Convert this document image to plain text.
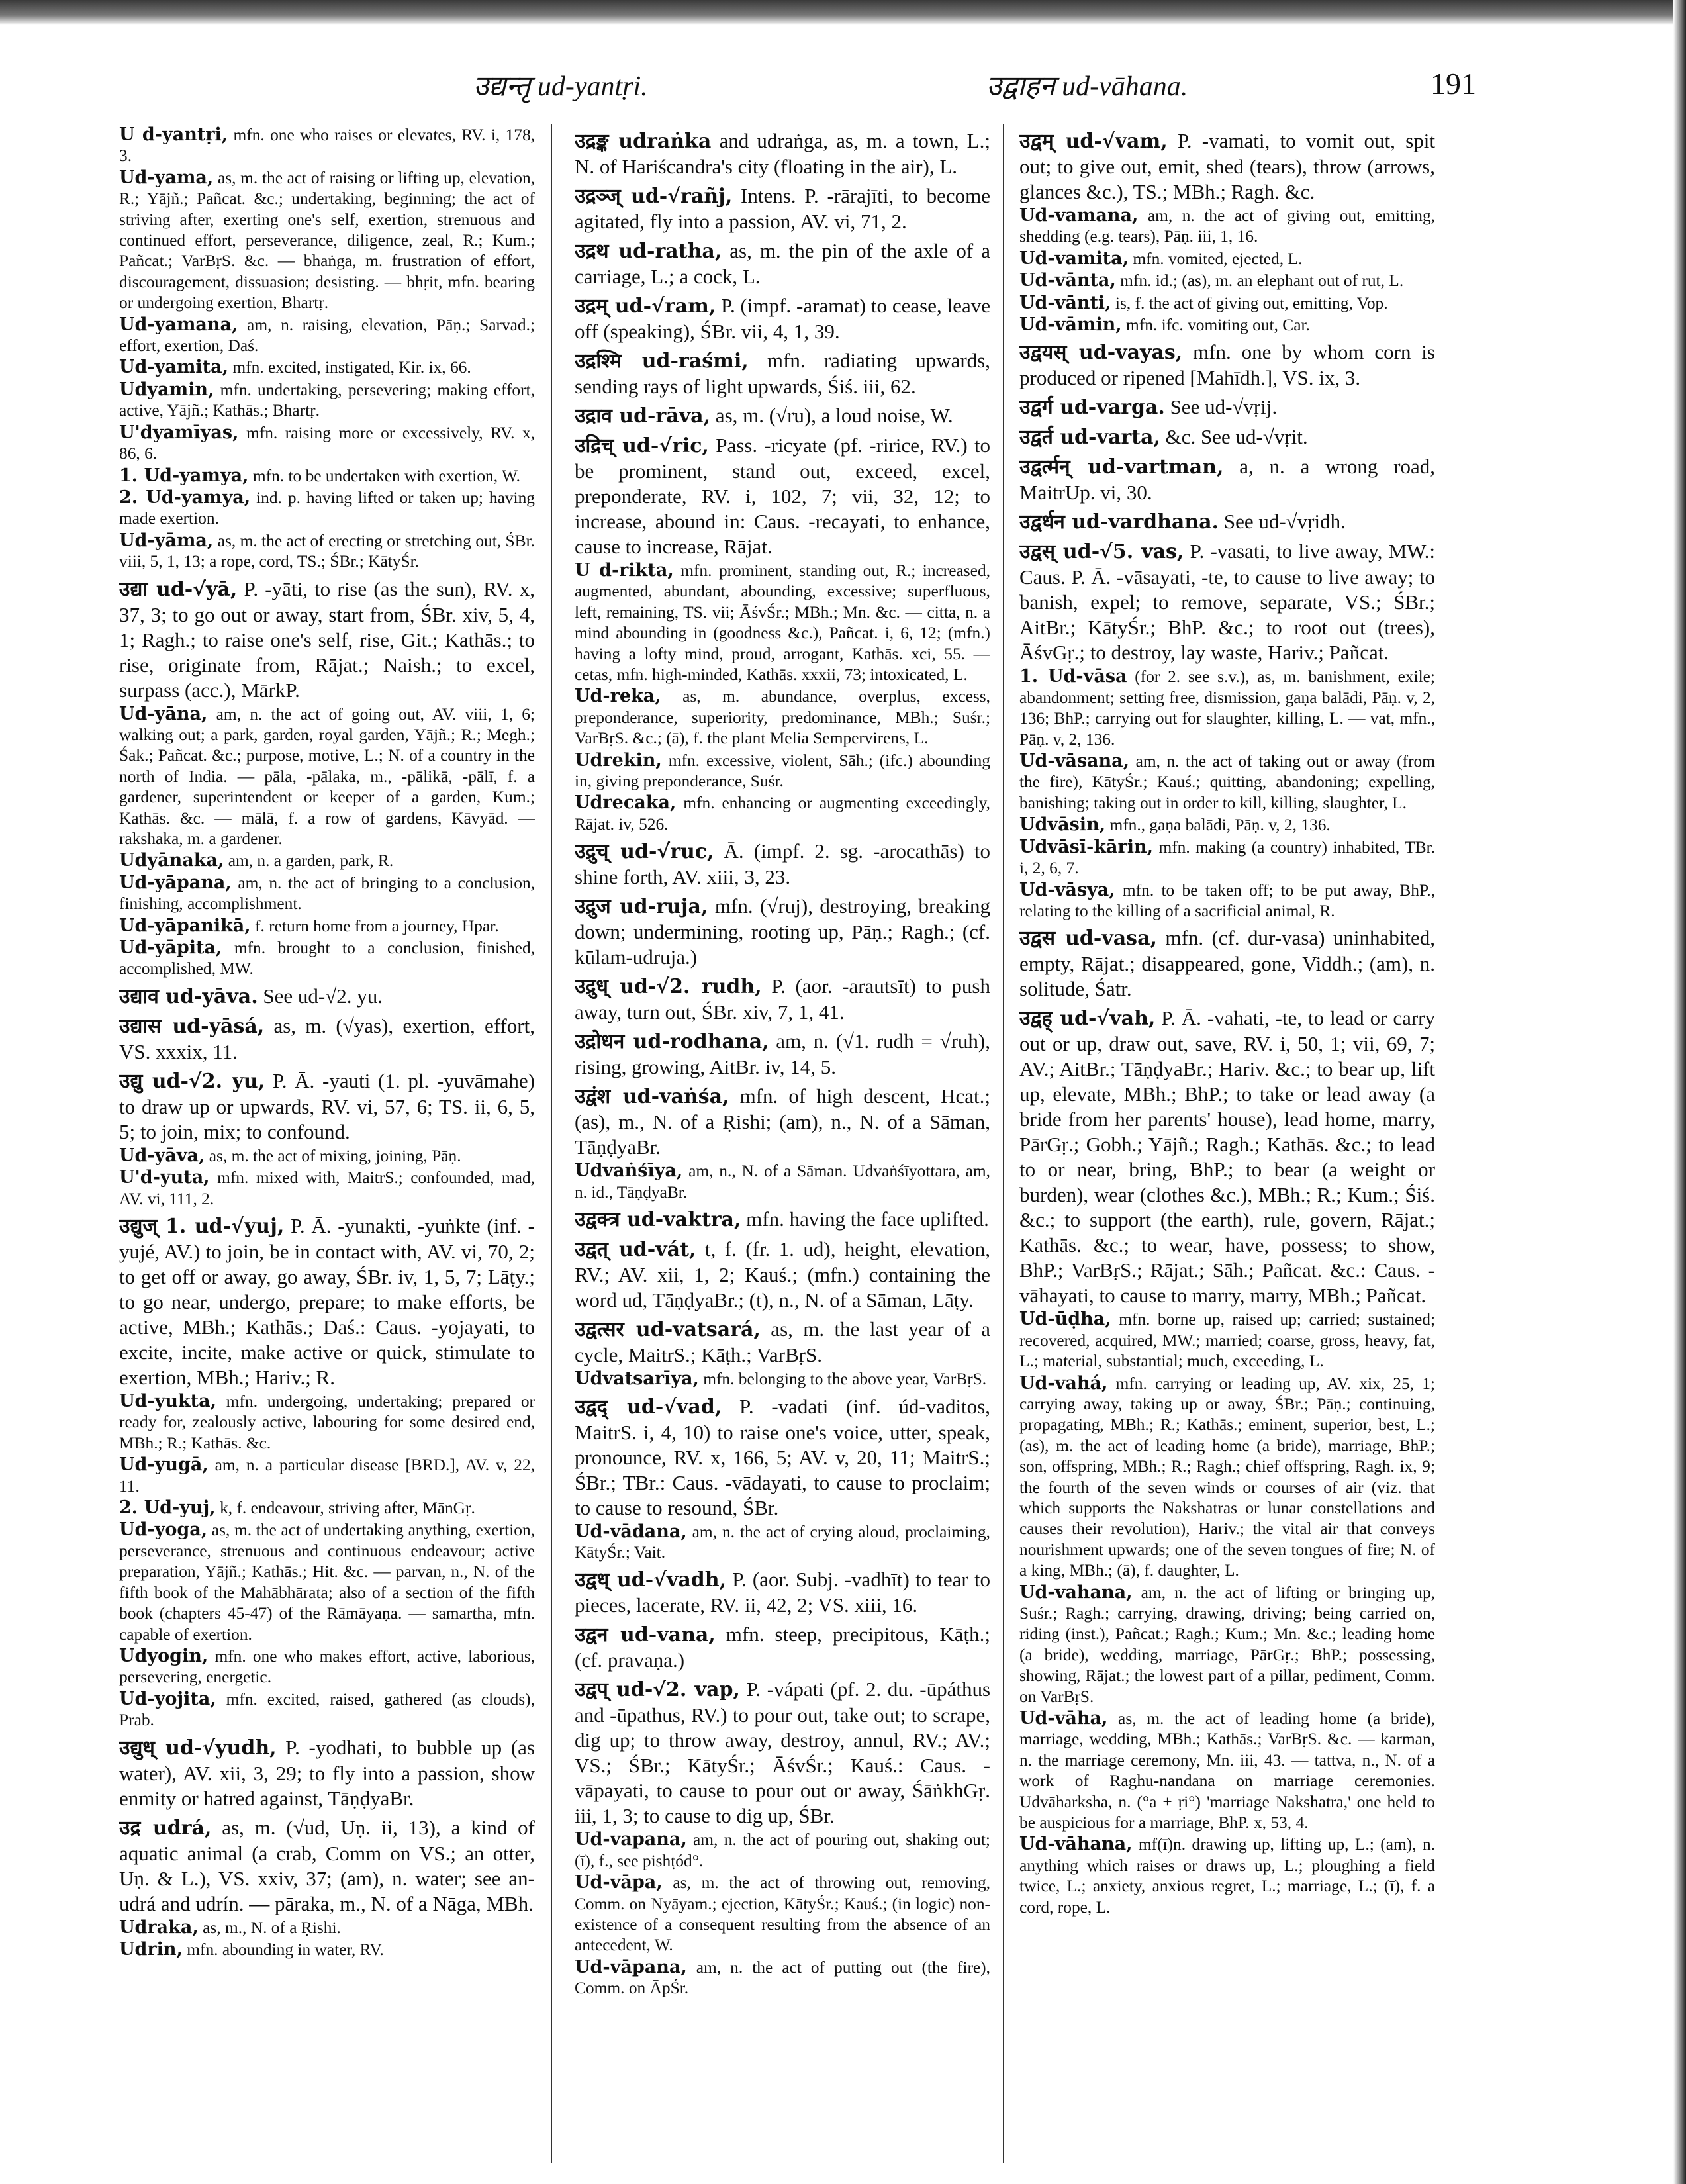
उद्यन्तृ ud-yantṛi.	उद्वाहन ud-vāhana.	191

U d-yantṛi, mfn. one who raises or elevates, RV. i, 178, 3.

Ud-yama, as, m. the act of raising or lifting up, elevation, R.; Yājñ.; Pañcat. &c.; undertaking, beginning; the act of striving after, exerting one's self, exertion, strenuous and continued effort, perseverance, diligence, zeal, R.; Kum.; Pañcat.; VarBṛS. &c. — bhaṅga, m. frustration of effort, discouragement, dissuasion; desisting. — bhṛit, mfn. bearing or undergoing exertion, Bhartṛ.

Ud-yamana, am, n. raising, elevation, Pāṇ.; Sarvad.; effort, exertion, Daś.

Ud-yamita, mfn. excited, instigated, Kir. ix, 66.

Udyamin, mfn. undertaking, persevering; making effort, active, Yājñ.; Kathās.; Bhartṛ.

U'dyamīyas, mfn. raising more or excessively, RV. x, 86, 6.

1. Ud-yamya, mfn. to be undertaken with exertion, W.

2. Ud-yamya, ind. p. having lifted or taken up; having made exertion.

Ud-yāma, as, m. the act of erecting or stretching out, ŚBr. viii, 5, 1, 13; a rope, cord, TS.; ŚBr.; KātyŚr.

उद्या ud-√yā, P. -yāti, to rise (as the sun), RV. x, 37, 3; to go out or away, start from, ŚBr. xiv, 5, 4, 1; Ragh.; to raise one's self, rise, Git.; Kathās.; to rise, originate from, Rājat.; Naish.; to excel, surpass (acc.), MārkP.

Ud-yāna, am, n. the act of going out, AV. viii, 1, 6; walking out; a park, garden, royal garden, Yājñ.; R.; Megh.; Śak.; Pañcat. &c.; purpose, motive, L.; N. of a country in the north of India. — pāla, -pālaka, m., -pālikā, -pālī, f. a gardener, superintendent or keeper of a garden, Kum.; Kathās. &c. — mālā, f. a row of gardens, Kāvyād. — rakshaka, m. a gardener.

Udyānaka, am, n. a garden, park, R.

Ud-yāpana, am, n. the act of bringing to a conclusion, finishing, accomplishment.

Ud-yāpanikā, f. return home from a journey, Hpar.

Ud-yāpita, mfn. brought to a conclusion, finished, accomplished, MW.

उद्याव ud-yāva. See ud-√2. yu.

उद्यास ud-yāsá, as, m. (√yas), exertion, effort, VS. xxxix, 11.

उद्यु ud-√2. yu, P. Ā. -yauti (1. pl. -yuvāmahe) to draw up or upwards, RV. vi, 57, 6; TS. ii, 6, 5, 5; to join, mix; to confound.

Ud-yāva, as, m. the act of mixing, joining, Pāṇ.

U'd-yuta, mfn. mixed with, MaitrS.; confounded, mad, AV. vi, 111, 2.

उद्युज् 1. ud-√yuj, P. Ā. -yunakti, -yuṅkte (inf. -yujé, AV.) to join, be in contact with, AV. vi, 70, 2; to get off or away, go away, ŚBr. iv, 1, 5, 7; Lāṭy.; to go near, undergo, prepare; to make efforts, be active, MBh.; Kathās.; Daś.: Caus. -yojayati, to excite, incite, make active or quick, stimulate to exertion, MBh.; Hariv.; R.

Ud-yukta, mfn. undergoing, undertaking; prepared or ready for, zealously active, labouring for some desired end, MBh.; R.; Kathās. &c.

Ud-yugā, am, n. a particular disease [BRD.], AV. v, 22, 11.

2. Ud-yuj, k, f. endeavour, striving after, MānGṛ.

Ud-yoga, as, m. the act of undertaking anything, exertion, perseverance, strenuous and continuous endeavour; active preparation, Yājñ.; Kathās.; Hit. &c. — parvan, n., N. of the fifth book of the Mahābhārata; also of a section of the fifth book (chapters 45-47) of the Rāmāyaṇa. — samartha, mfn. capable of exertion.

Udyogin, mfn. one who makes effort, active, laborious, persevering, energetic.

Ud-yojita, mfn. excited, raised, gathered (as clouds), Prab.

उद्युध् ud-√yudh, P. -yodhati, to bubble up (as water), AV. xii, 3, 29; to fly into a passion, show enmity or hatred against, TāṇḍyaBr.

उद्र udrá, as, m. (√ud, Uṇ. ii, 13), a kind of aquatic animal (a crab, Comm on VS.; an otter, Uṇ. & L.), VS. xxiv, 37; (am), n. water; see an-udrá and udrín. — pāraka, m., N. of a Nāga, MBh.

Udraka, as, m., N. of a Ṛishi.

Udrin, mfn. abounding in water, RV.

उद्रङ्क udraṅka and udraṅga, as, m. a town, L.; N. of Hariścandra's city (floating in the air), L.

उद्रञ्ज् ud-√rañj, Intens. P. -rārajīti, to become agitated, fly into a passion, AV. vi, 71, 2.

उद्रथ ud-ratha, as, m. the pin of the axle of a carriage, L.; a cock, L.

उद्रम् ud-√ram, P. (impf. -aramat) to cease, leave off (speaking), ŚBr. vii, 4, 1, 39.

उद्रश्मि ud-raśmi, mfn. radiating upwards, sending rays of light upwards, Śiś. iii, 62.

उद्राव ud-rāva, as, m. (√ru), a loud noise, W.

उद्रिच् ud-√ric, Pass. -ricyate (pf. -ririce, RV.) to be prominent, stand out, exceed, excel, preponderate, RV. i, 102, 7; vii, 32, 12; to increase, abound in: Caus. -recayati, to enhance, cause to increase, Rājat.

U d-rikta, mfn. prominent, standing out, R.; increased, augmented, abundant, abounding, excessive; superfluous, left, remaining, TS. vii; ĀśvŚr.; MBh.; Mn. &c. — citta, n. a mind abounding in (goodness &c.), Pañcat. i, 6, 12; (mfn.) having a lofty mind, proud, arrogant, Kathās. xci, 55. — cetas, mfn. high-minded, Kathās. xxxii, 73; intoxicated, L.

Ud-reka, as, m. abundance, overplus, excess, preponderance, superiority, predominance, MBh.; Suśr.; VarBṛS. &c.; (ā), f. the plant Melia Sempervirens, L.

Udrekin, mfn. excessive, violent, Sāh.; (ifc.) abounding in, giving preponderance, Suśr.

Udrecaka, mfn. enhancing or augmenting exceedingly, Rājat. iv, 526.

उद्रुच् ud-√ruc, Ā. (impf. 2. sg. -arocathās) to shine forth, AV. xiii, 3, 23.

उद्रुज ud-ruja, mfn. (√ruj), destroying, breaking down; undermining, rooting up, Pāṇ.; Ragh.; (cf. kūlam-udruja.)

उद्रुध् ud-√2. rudh, P. (aor. -arautsīt) to push away, turn out, ŚBr. xiv, 7, 1, 41.

उद्रोधन ud-rodhana, am, n. (√1. rudh = √ruh), rising, growing, AitBr. iv, 14, 5.

उद्वंश ud-vaṅśa, mfn. of high descent, Hcat.; (as), m., N. of a Ṛishi; (am), n., N. of a Sāman, TāṇḍyaBr.

Udvaṅśīya, am, n., N. of a Sāman. Udvaṅśīyottara, am, n. id., TāṇḍyaBr.

उद्वक्त्र ud-vaktra, mfn. having the face uplifted.

उद्वत् ud-vát, t, f. (fr. 1. ud), height, elevation, RV.; AV. xii, 1, 2; Kauś.; (mfn.) containing the word ud, TāṇḍyaBr.; (t), n., N. of a Sāman, Lāṭy.

उद्वत्सर ud-vatsará, as, m. the last year of a cycle, MaitrS.; Kāṭh.; VarBṛS.

Udvatsarīya, mfn. belonging to the above year, VarBṛS.

उद्वद् ud-√vad, P. -vadati (inf. úd-vaditos, MaitrS. i, 4, 10) to raise one's voice, utter, speak, pronounce, RV. x, 166, 5; AV. v, 20, 11; MaitrS.; ŚBr.; TBr.: Caus. -vādayati, to cause to proclaim; to cause to resound, ŚBr.

Ud-vādana, am, n. the act of crying aloud, proclaiming, KātyŚr.; Vait.

उद्वध् ud-√vadh, P. (aor. Subj. -vadhīt) to tear to pieces, lacerate, RV. ii, 42, 2; VS. xiii, 16.

उद्वन ud-vana, mfn. steep, precipitous, Kāṭh.; (cf. pravaṇa.)

उद्वप् ud-√2. vap, P. -vápati (pf. 2. du. -ūpáthus and -ūpathus, RV.) to pour out, take out; to scrape, dig up; to throw away, destroy, annul, RV.; AV.; VS.; ŚBr.; KātyŚr.; ĀśvŚr.; Kauś.: Caus. -vāpayati, to cause to pour out or away, ŚāṅkhGṛ. iii, 1, 3; to cause to dig up, ŚBr.

Ud-vapana, am, n. the act of pouring out, shaking out; (ī), f., see pishṭód°.

Ud-vāpa, as, m. the act of throwing out, removing, Comm. on Nyāyam.; ejection, KātyŚr.; Kauś.; (in logic) non-existence of a consequent resulting from the absence of an antecedent, W.

Ud-vāpana, am, n. the act of putting out (the fire), Comm. on ĀpŚr.

उद्वम् ud-√vam, P. -vamati, to vomit out, spit out; to give out, emit, shed (tears), throw (arrows, glances &c.), TS.; MBh.; Ragh. &c.

Ud-vamana, am, n. the act of giving out, emitting, shedding (e.g. tears), Pāṇ. iii, 1, 16.

Ud-vamita, mfn. vomited, ejected, L.

Ud-vānta, mfn. id.; (as), m. an elephant out of rut, L.

Ud-vānti, is, f. the act of giving out, emitting, Vop.

Ud-vāmin, mfn. ifc. vomiting out, Car.

उद्वयस् ud-vayas, mfn. one by whom corn is produced or ripened [Mahīdh.], VS. ix, 3.

उद्वर्ग ud-varga. See ud-√vṛij.

उद्वर्त ud-varta, &c. See ud-√vṛit.

उद्वर्त्मन् ud-vartman, a, n. a wrong road, MaitrUp. vi, 30.

उद्वर्धन ud-vardhana. See ud-√vṛidh.

उद्वस् ud-√5. vas, P. -vasati, to live away, MW.: Caus. P. Ā. -vāsayati, -te, to cause to live away; to banish, expel; to remove, separate, VS.; ŚBr.; AitBr.; KātyŚr.; BhP. &c.; to root out (trees), ĀśvGṛ.; to destroy, lay waste, Hariv.; Pañcat.

1. Ud-vāsa (for 2. see s.v.), as, m. banishment, exile; abandonment; setting free, dismission, gaṇa balādi, Pāṇ. v, 2, 136; BhP.; carrying out for slaughter, killing, L. — vat, mfn., Pāṇ. v, 2, 136.

Ud-vāsana, am, n. the act of taking out or away (from the fire), KātyŚr.; Kauś.; quitting, abandoning; expelling, banishing; taking out in order to kill, killing, slaughter, L.

Udvāsin, mfn., gaṇa balādi, Pāṇ. v, 2, 136.

Udvāsī-kārin, mfn. making (a country) inhabited, TBr. i, 2, 6, 7.

Ud-vāsya, mfn. to be taken off; to be put away, BhP., relating to the killing of a sacrificial animal, R.

उद्वस ud-vasa, mfn. (cf. dur-vasa) uninhabited, empty, Rājat.; disappeared, gone, Viddh.; (am), n. solitude, Śatr.

उद्वह् ud-√vah, P. Ā. -vahati, -te, to lead or carry out or up, draw out, save, RV. i, 50, 1; vii, 69, 7; AV.; AitBr.; TāṇḍyaBr.; Hariv. &c.; to bear up, lift up, elevate, MBh.; BhP.; to take or lead away (a bride from her parents' house), lead home, marry, PārGṛ.; Gobh.; Yājñ.; Ragh.; Kathās. &c.; to lead to or near, bring, BhP.; to bear (a weight or burden), wear (clothes &c.), MBh.; R.; Kum.; Śiś. &c.; to support (the earth), rule, govern, Rājat.; Kathās. &c.; to wear, have, possess; to show, BhP.; VarBṛS.; Rājat.; Sāh.; Pañcat. &c.: Caus. -vāhayati, to cause to marry, marry, MBh.; Pañcat.

Ud-ūḍha, mfn. borne up, raised up; carried; sustained; recovered, acquired, MW.; married; coarse, gross, heavy, fat, L.; material, substantial; much, exceeding, L.

Ud-vahá, mfn. carrying or leading up, AV. xix, 25, 1; carrying away, taking up or away, ŚBr.; Pāṇ.; continuing, propagating, MBh.; R.; Kathās.; eminent, superior, best, L.; (as), m. the act of leading home (a bride), marriage, BhP.; son, offspring, MBh.; R.; Ragh.; chief offspring, Ragh. ix, 9; the fourth of the seven winds or courses of air (viz. that which supports the Nakshatras or lunar constellations and causes their revolution), Hariv.; the vital air that conveys nourishment upwards; one of the seven tongues of fire; N. of a king, MBh.; (ā), f. daughter, L.

Ud-vahana, am, n. the act of lifting or bringing up, Suśr.; Ragh.; carrying, drawing, driving; being carried on, riding (inst.), Pañcat.; Ragh.; Kum.; Mn. &c.; leading home (a bride), wedding, marriage, PārGṛ.; BhP.; possessing, showing, Rājat.; the lowest part of a pillar, pediment, Comm. on VarBṛS.

Ud-vāha, as, m. the act of leading home (a bride), marriage, wedding, MBh.; Kathās.; VarBṛS. &c. — karman, n. the marriage ceremony, Mn. iii, 43. — tattva, n., N. of a work of Raghu-nandana on marriage ceremonies. Udvāharksha, n. (°a + ṛi°) 'marriage Nakshatra,' one held to be auspicious for a marriage, BhP. x, 53, 4.

Ud-vāhana, mf(ī)n. drawing up, lifting up, L.; (am), n. anything which raises or draws up, L.; ploughing a field twice, L.; anxiety, anxious regret, L.; marriage, L.; (ī), f. a cord, rope, L.
